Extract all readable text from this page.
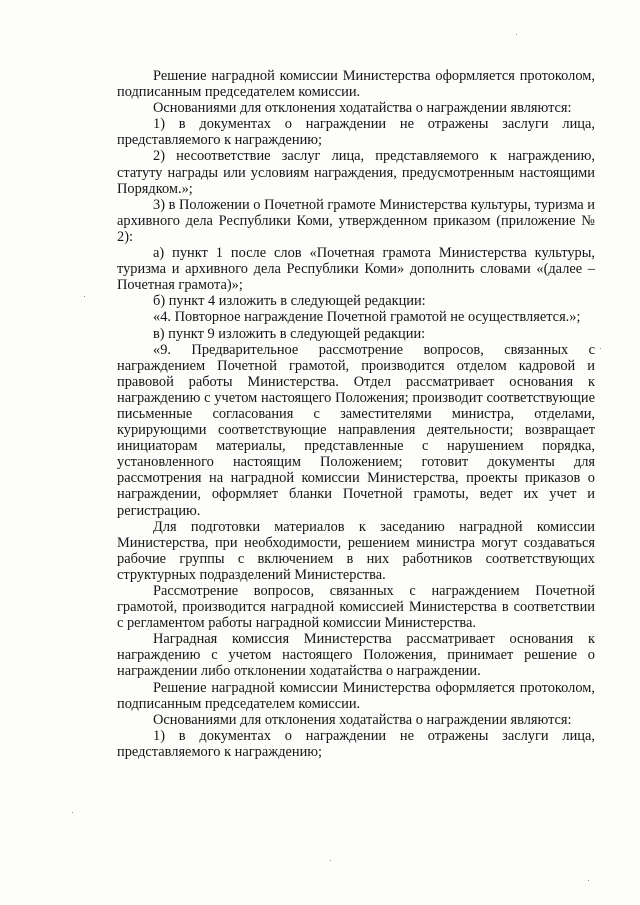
Решение наградной комиссии Министерства оформляется протоколом, подписанным председателем комиссии.

Основаниями для отклонения ходатайства о награждении являются:

1) в документах о награждении не отражены заслуги лица, представляемого к награждению;

2) несоответствие заслуг лица, представляемого к награждению, статуту награды или условиям награждения, предусмотренным настоящими Порядком.»;

3) в Положении о Почетной грамоте Министерства культуры, туризма и архивного дела Республики Коми, утвержденном приказом (приложение № 2):

а) пункт 1 после слов «Почетная грамота Министерства культуры, туризма и архивного дела Республики Коми» дополнить словами «(далее – Почетная грамота)»;

б) пункт 4 изложить в следующей редакции:

«4. Повторное награждение Почетной грамотой не осуществляется.»;

в) пункт 9 изложить в следующей редакции:

«9. Предварительное рассмотрение вопросов, связанных с награждением Почетной грамотой, производится отделом кадровой и правовой работы Министерства. Отдел рассматривает основания к награждению с учетом настоящего Положения; производит соответствующие письменные согласования с заместителями министра, отделами, курирующими соответствующие направления деятельности; возвращает инициаторам материалы, представленные с нарушением порядка, установленного настоящим Положением; готовит документы для рассмотрения на наградной комиссии Министерства, проекты приказов о награждении, оформляет бланки Почетной грамоты, ведет их учет и регистрацию.

Для подготовки материалов к заседанию наградной комиссии Министерства, при необходимости, решением министра могут создаваться рабочие группы с включением в них работников соответствующих структурных подразделений Министерства.

Рассмотрение вопросов, связанных с награждением Почетной грамотой, производится наградной комиссией Министерства в соответствии с регламентом работы наградной комиссии Министерства.

Наградная комиссия Министерства рассматривает основания к награждению с учетом настоящего Положения, принимает решение о награждении либо отклонении ходатайства о награждении.

Решение наградной комиссии Министерства оформляется протоколом, подписанным председателем комиссии.

Основаниями для отклонения ходатайства о награждении являются:

1) в документах о награждении не отражены заслуги лица, представляемого к награждению;
